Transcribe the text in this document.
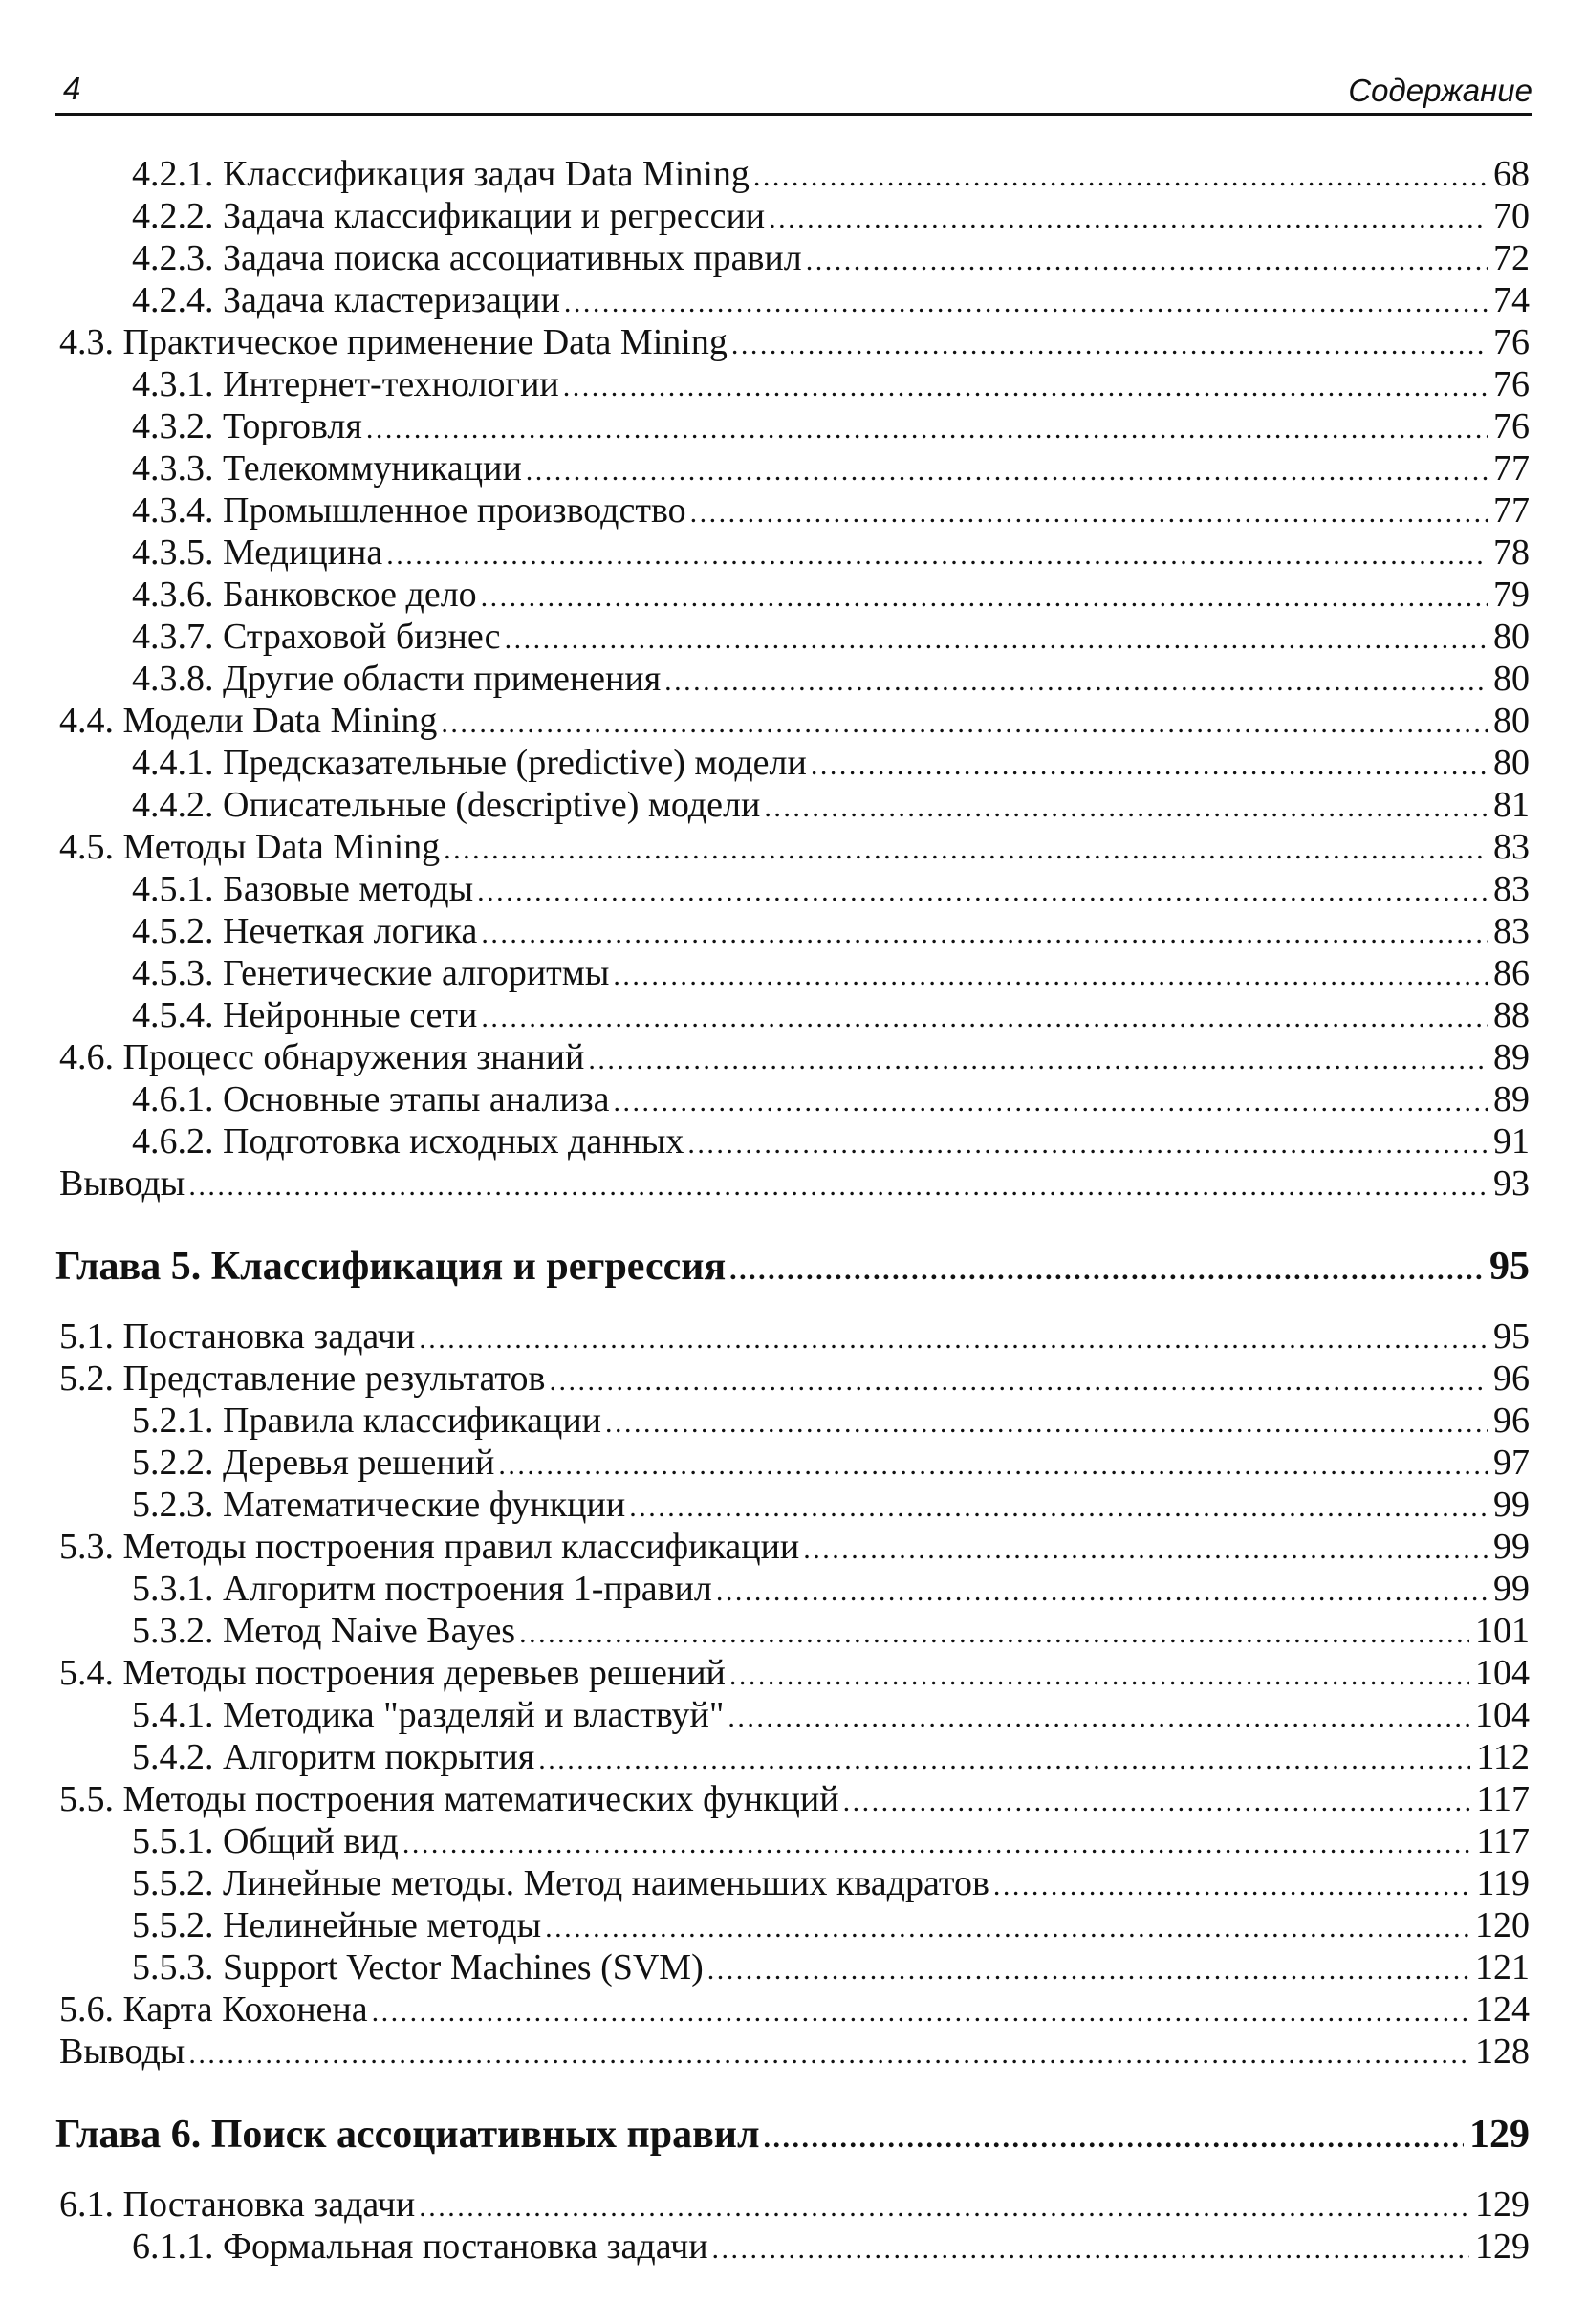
4	Содержание
4.2.1. Классификация задач Data Mining . . .	68
4.2.2. Задача классификации и регрессии . . .	70
4.2.3. Задача поиска ассоциативных правил . . .	72
4.2.4. Задача кластеризации . . .	74
4.3. Практическое применение Data Mining . . .	76
4.3.1. Интернет-технологии . . .	76
4.3.2. Торговля . . .	76
4.3.3. Телекоммуникации . . .	77
4.3.4. Промышленное производство . . .	77
4.3.5. Медицина . . .	78
4.3.6. Банковское дело . . .	79
4.3.7. Страховой бизнес . . .	80
4.3.8. Другие области применения . . .	80
4.4. Модели Data Mining . . .	80
4.4.1. Предсказательные (predictive) модели . . .	80
4.4.2. Описательные (descriptive) модели . . .	81
4.5. Методы Data Mining . . .	83
4.5.1. Базовые методы . . .	83
4.5.2. Нечеткая логика . . .	83
4.5.3. Генетические алгоритмы . . .	86
4.5.4. Нейронные сети . . .	88
4.6. Процесс обнаружения знаний . . .	89
4.6.1. Основные этапы анализа . . .	89
4.6.2. Подготовка исходных данных . . .	91
Выводы . . .	93
Глава 5. Классификация и регрессия . . .	95
5.1. Постановка задачи . . .	95
5.2. Представление результатов . . .	96
5.2.1. Правила классификации . . .	96
5.2.2. Деревья решений . . .	97
5.2.3. Математические функции . . .	99
5.3. Методы построения правил классификации . . .	99
5.3.1. Алгоритм построения 1-правил . . .	99
5.3.2. Метод Naive Bayes . . .	101
5.4. Методы построения деревьев решений . . .	104
5.4.1. Методика "разделяй и властвуй" . . .	104
5.4.2. Алгоритм покрытия . . .	112
5.5. Методы построения математических функций . . .	117
5.5.1. Общий вид . . .	117
5.5.2. Линейные методы. Метод наименьших квадратов . . .	119
5.5.2. Нелинейные методы . . .	120
5.5.3. Support Vector Machines (SVM) . . .	121
5.6. Карта Кохонена . . .	124
Выводы . . .	128
Глава 6. Поиск ассоциативных правил . . .	129
6.1. Постановка задачи . . .	129
6.1.1. Формальная постановка задачи . . .	129
